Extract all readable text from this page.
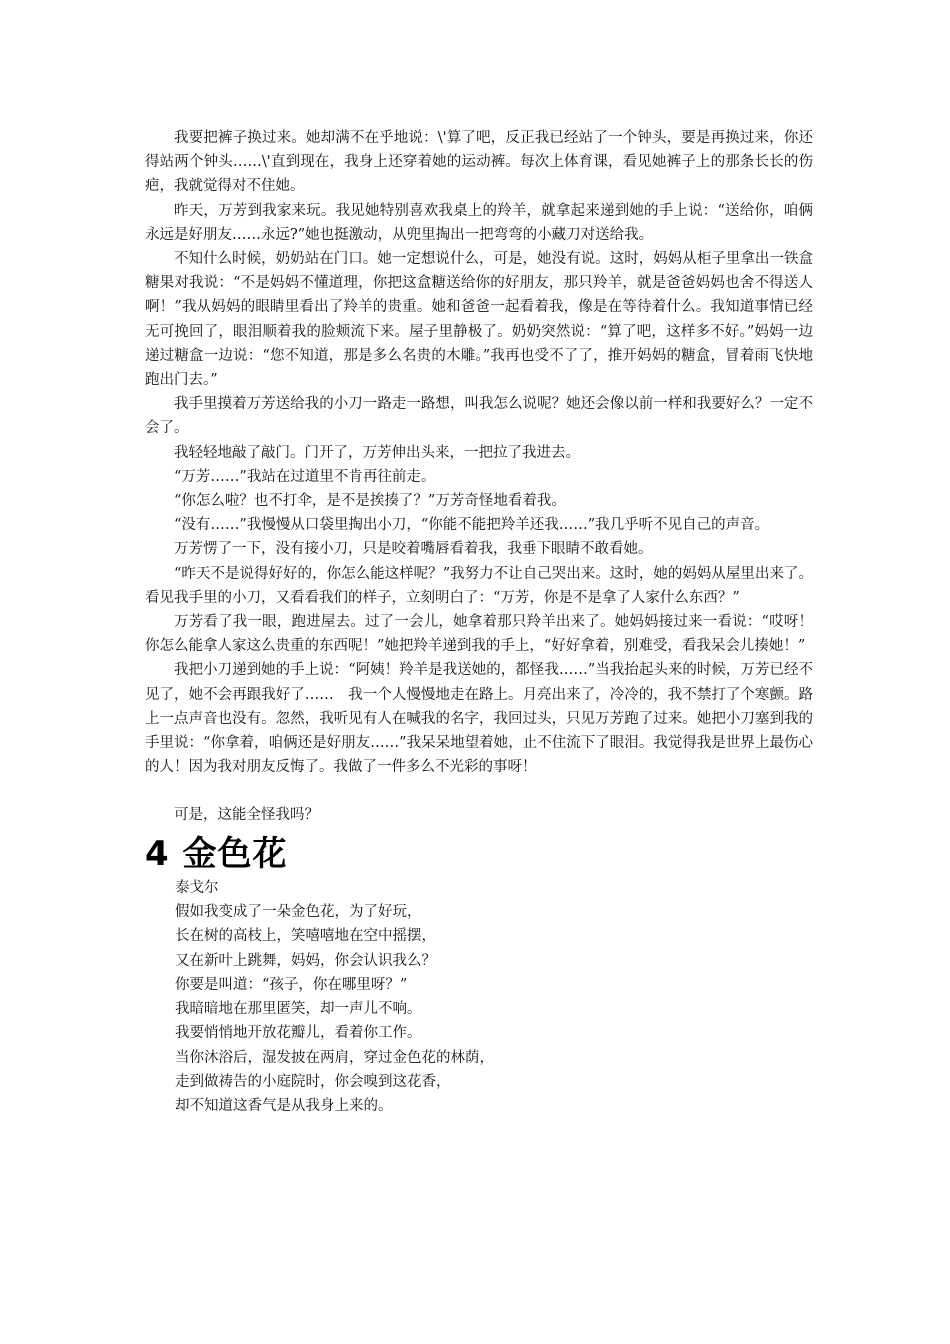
我要把裤子换过来。她却满不在乎地说：\'算了吧，反正我已经站了一个钟头，要是再换过来，你还得站两个钟头……\'直到现在，我身上还穿着她的运动裤。每次上体育课，看见她裤子上的那条长长的伤疤，我就觉得对不住她。

昨天，万芳到我家来玩。我见她特别喜欢我桌上的羚羊，就拿起来递到她的手上说：“送给你，咱俩永远是好朋友……永远?”她也挺激动，从兜里掏出一把弯弯的小藏刀对送给我。

不知什么时候，奶奶站在门口。她一定想说什么，可是，她没有说。这时，妈妈从柜子里拿出一铁盒糖果对我说：“不是妈妈不懂道理，你把这盒糖送给你的好朋友，那只羚羊，就是爸爸妈妈也舍不得送人啊！”我从妈妈的眼睛里看出了羚羊的贵重。她和爸爸一起看着我，像是在等待着什么。我知道事情已经无可挽回了，眼泪顺着我的脸颊流下来。屋子里静极了。奶奶突然说：“算了吧，这样多不好。”妈妈一边递过糖盒一边说：“您不知道，那是多么名贵的木雕。”我再也受不了了，推开妈妈的糖盒，冒着雨飞快地跑出门去。”

我手里摸着万芳送给我的小刀一路走一路想，叫我怎么说呢？她还会像以前一样和我要好么？一定不会了。

我轻轻地敲了敲门。门开了，万芳伸出头来，一把拉了我进去。

“万芳……”我站在过道里不肯再往前走。

“你怎么啦？也不打伞，是不是挨揍了？”万芳奇怪地看着我。

“没有……”我慢慢从口袋里掏出小刀，“你能不能把羚羊还我……”我几乎听不见自己的声音。

万芳愣了一下，没有接小刀，只是咬着嘴唇看着我，我垂下眼睛不敢看她。

“昨天不是说得好好的，你怎么能这样呢？”我努力不让自己哭出来。这时，她的妈妈从屋里出来了。看见我手里的小刀，又看看我们的样子，立刻明白了：“万芳，你是不是拿了人家什么东西？”

万芳看了我一眼，跑进屋去。过了一会儿，她拿着那只羚羊出来了。她妈妈接过来一看说：“哎呀！你怎么能拿人家这么贵重的东西呢！”她把羚羊递到我的手上，“好好拿着，别难受，看我呆会儿揍她！”

我把小刀递到她的手上说：“阿姨！羚羊是我送她的，都怪我……”当我抬起头来的时候，万芳已经不见了，她不会再跟我好了……　我一个人慢慢地走在路上。月亮出来了，冷冷的，我不禁打了个寒颤。路上一点声音也没有。忽然，我听见有人在喊我的名字，我回过头，只见万芳跑了过来。她把小刀塞到我的手里说：“你拿着，咱俩还是好朋友……”我呆呆地望着她，止不住流下了眼泪。我觉得我是世界上最伤心的人！因为我对朋友反悔了。我做了一件多么不光彩的事呀！

可是，这能全怪我吗？

4 金色花
泰戈尔
假如我变成了一朵金色花，为了好玩，
长在树的高枝上，笑嘻嘻地在空中摇摆，
又在新叶上跳舞，妈妈，你会认识我么？
你要是叫道：“孩子，你在哪里呀？”
我暗暗地在那里匿笑，却一声儿不响。
我要悄悄地开放花瓣儿，看着你工作。
当你沐浴后，湿发披在两肩，穿过金色花的林荫，
走到做祷告的小庭院时，你会嗅到这花香，
却不知道这香气是从我身上来的。
